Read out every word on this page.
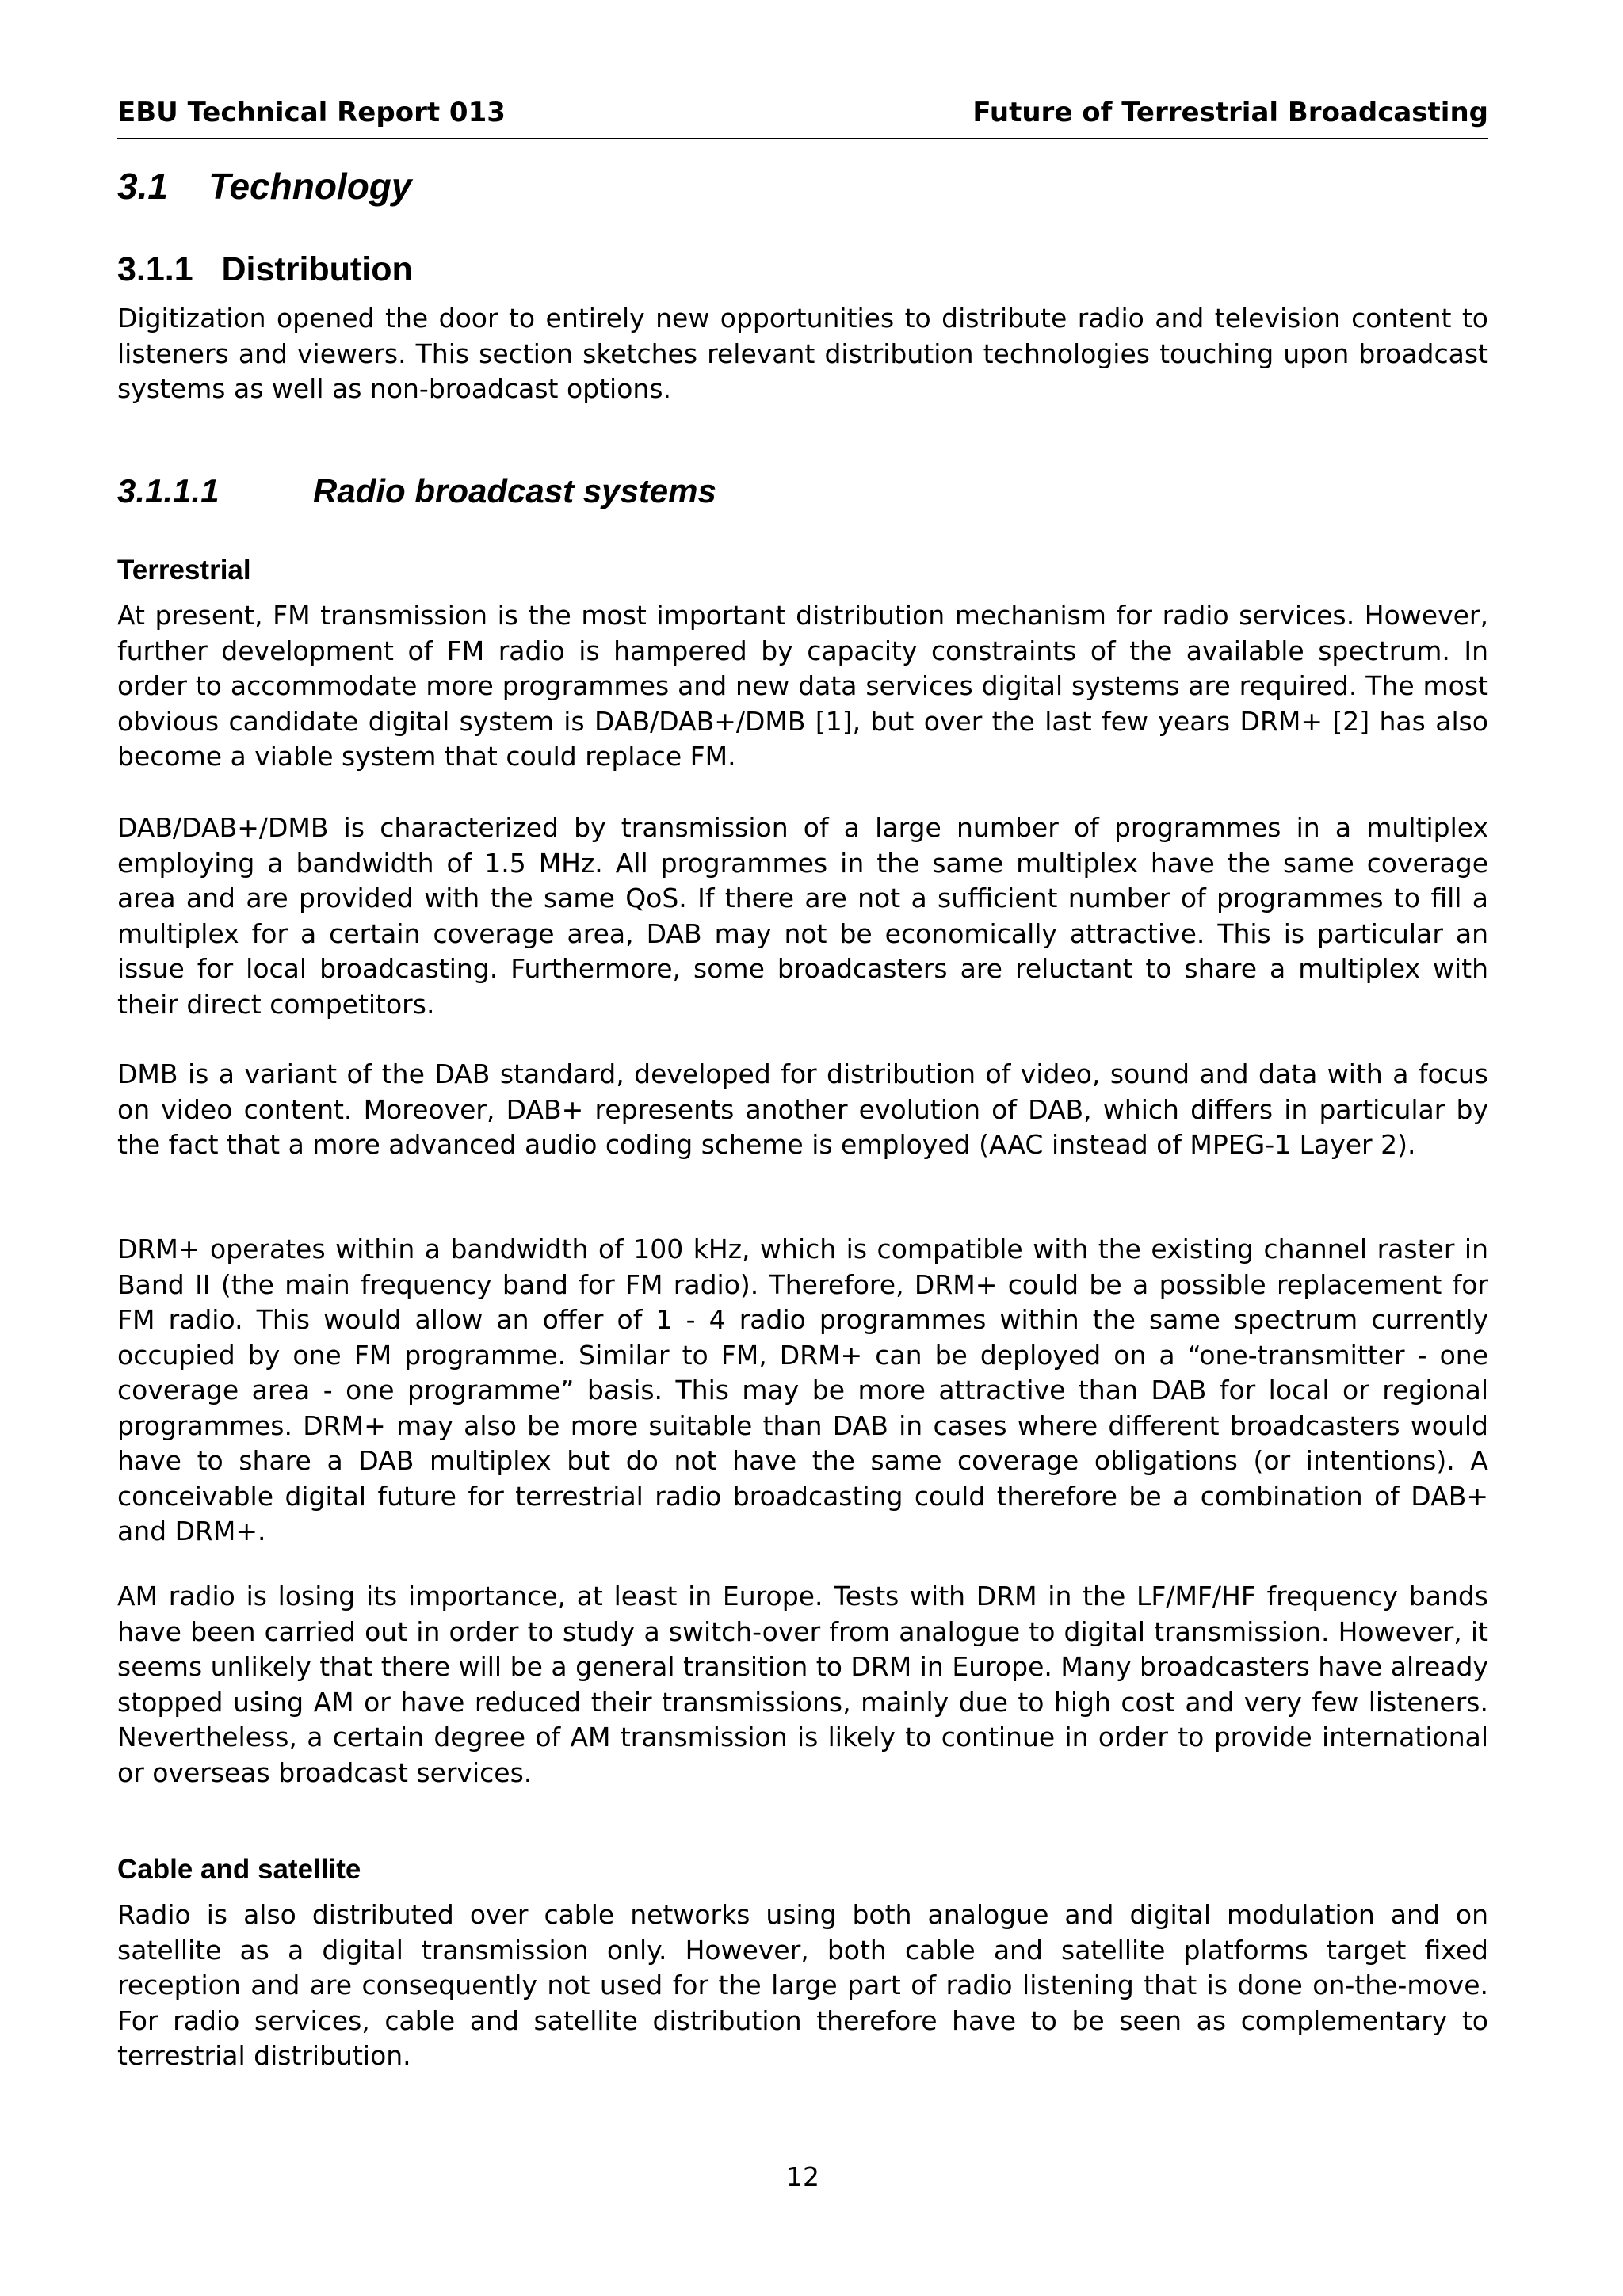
EBU Technical Report 013	Future of Terrestrial Broadcasting
3.1    Technology
3.1.1   Distribution

Digitization opened the door to entirely new opportunities to distribute radio and television content to listeners and viewers. This section sketches relevant distribution technologies touching upon broadcast systems as well as non-broadcast options.

3.1.1.1	Radio broadcast systems
Terrestrial

At present, FM transmission is the most important distribution mechanism for radio services. However, further development of FM radio is hampered by capacity constraints of the available spectrum. In order to accommodate more programmes and new data services digital systems are required. The most obvious candidate digital system is DAB/DAB+/DMB [1], but over the last few years DRM+ [2] has also become a viable system that could replace FM.

DAB/DAB+/DMB is characterized by transmission of a large number of programmes in a multiplex employing a bandwidth of 1.5 MHz. All programmes in the same multiplex have the same coverage area and are provided with the same QoS. If there are not a sufficient number of programmes to fill a multiplex for a certain coverage area, DAB may not be economically attractive. This is particular an issue for local broadcasting. Furthermore, some broadcasters are reluctant to share a multiplex with their direct competitors.

DMB is a variant of the DAB standard, developed for distribution of video, sound and data with a focus on video content. Moreover, DAB+ represents another evolution of DAB, which differs in particular by the fact that a more advanced audio coding scheme is employed (AAC instead of MPEG-1 Layer 2).

DRM+ operates within a bandwidth of 100 kHz, which is compatible with the existing channel raster in Band II (the main frequency band for FM radio). Therefore, DRM+ could be a possible replacement for FM radio. This would allow an offer of 1 - 4 radio programmes within the same spectrum currently occupied by one FM programme. Similar to FM, DRM+ can be deployed on a “one-transmitter - one coverage area - one programme” basis. This may be more attractive than DAB for local or regional programmes. DRM+ may also be more suitable than DAB in cases where different broadcasters would have to share a DAB multiplex but do not have the same coverage obligations (or intentions). A conceivable digital future for terrestrial radio broadcasting could therefore be a combination of DAB+ and DRM+.

AM radio is losing its importance, at least in Europe. Tests with DRM in the LF/MF/HF frequency bands have been carried out in order to study a switch-over from analogue to digital transmission. However, it seems unlikely that there will be a general transition to DRM in Europe. Many broadcasters have already stopped using AM or have reduced their transmissions, mainly due to high cost and very few listeners. Nevertheless, a certain degree of AM transmission is likely to continue in order to provide international or overseas broadcast services.

Cable and satellite

Radio is also distributed over cable networks using both analogue and digital modulation and on satellite as a digital transmission only. However, both cable and satellite platforms target fixed reception and are consequently not used for the large part of radio listening that is done on-the-move. For radio services, cable and satellite distribution therefore have to be seen as complementary to terrestrial distribution.

12
